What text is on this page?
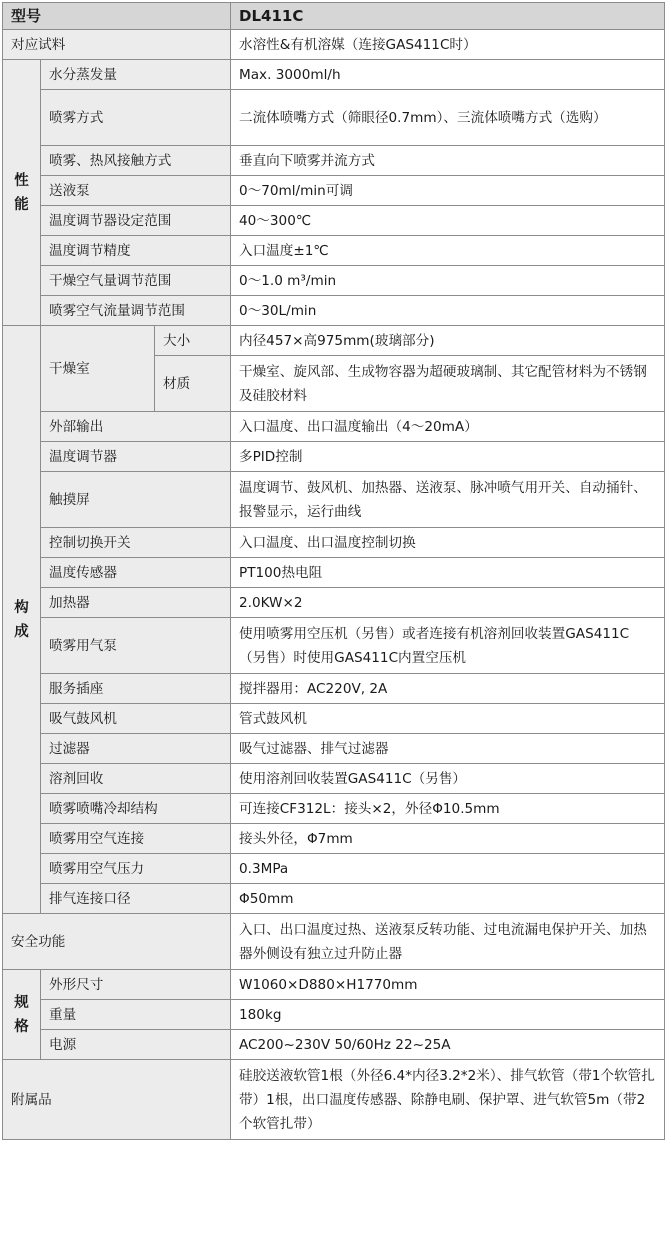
型号			DL411C
对应试料			水溶性&有机溶媒（连接GAS411C时）

性
能	水分蒸发量		Max. 3000ml/h
	喷雾方式		二流体喷嘴方式（筛眼径0.7mm）、三流体喷嘴方式（选购）
	喷雾、热风接触方式		垂直向下喷雾并流方式
	送液泵		0～70ml/min可调
	温度调节器设定范围		40～300℃
	温度调节精度		入口温度±1℃
	干燥空气量调节范围		0～1.0 m³/min
	喷雾空气流量调节范围		0～30L/min

构
成	干燥室	大小	内径457×高975mm(玻璃部分)
		材质	干燥室、旋风部、生成物容器为超硬玻璃制、其它配管材料为不锈钢及硅胶材料
	外部输出		入口温度、出口温度输出（4～20mA）
	温度调节器		多PID控制
	触摸屏		温度调节、鼓风机、加热器、送液泵、脉冲喷气用开关、自动捅针、报警显示，运行曲线
	控制切换开关		入口温度、出口温度控制切换
	温度传感器		PT100热电阻
	加热器		2.0KW×2
	喷雾用气泵		使用喷雾用空压机（另售）或者连接有机溶剂回收装置GAS411C（另售）时使用GAS411C内置空压机
	服务插座		搅拌器用：AC220V, 2A
	吸气鼓风机		管式鼓风机
	过滤器		吸气过滤器、排气过滤器
	溶剂回收		使用溶剂回收装置GAS411C（另售）
	喷雾喷嘴冷却结构		可连接CF312L：接头×2，外径Φ10.5mm
	喷雾用空气连接		接头外径，Φ7mm
	喷雾用空气压力		0.3MPa
	排气连接口径		Φ50mm
安全功能			入口、出口温度过热、送液泵反转功能、过电流漏电保护开关、加热器外侧设有独立过升防止器

规
格	外形尺寸		W1060×D880×H1770mm
	重量		180kg
	电源		AC200~230V 50/60Hz 22~25A
附属品			硅胶送液软管1根（外径6.4*内径3.2*2米）、排气软管（带1个软管扎带）1根，出口温度传感器、除静电刷、保护罩、进气软管5m（带2个软管扎带）
